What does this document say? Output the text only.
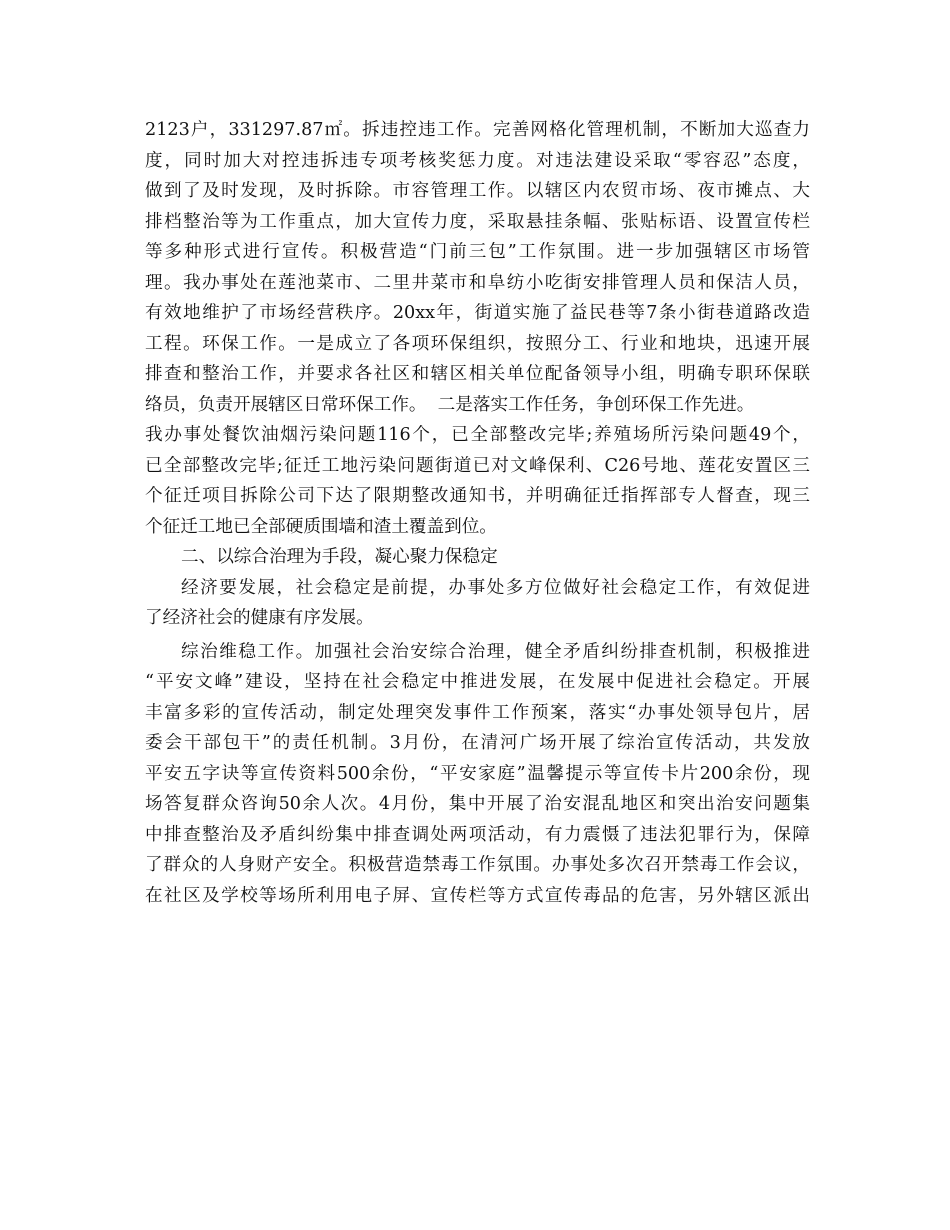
2123户，331297.87㎡。拆违控违工作。完善网格化管理机制，不断加大巡查力
度，同时加大对控违拆违专项考核奖惩力度。对违法建设采取“零容忍”态度，
做到了及时发现，及时拆除。市容管理工作。以辖区内农贸市场、夜市摊点、大
排档整治等为工作重点，加大宣传力度，采取悬挂条幅、张贴标语、设置宣传栏
等多种形式进行宣传。积极营造“门前三包”工作氛围。进一步加强辖区市场管
理。我办事处在莲池菜市、二里井菜市和阜纺小吃街安排管理人员和保洁人员，
有效地维护了市场经营秩序。20xx年，街道实施了益民巷等7条小街巷道路改造
工程。环保工作。一是成立了各项环保组织，按照分工、行业和地块，迅速开展
排查和整治工作，并要求各社区和辖区相关单位配备领导小组，明确专职环保联
络员，负责开展辖区日常环保工作。  二是落实工作任务，争创环保工作先进。
我办事处餐饮油烟污染问题116个，已全部整改完毕;养殖场所污染问题49个，
已全部整改完毕;征迁工地污染问题街道已对文峰保利、C26号地、莲花安置区三
个征迁项目拆除公司下达了限期整改通知书，并明确征迁指挥部专人督查，现三
个征迁工地已全部硬质围墙和渣土覆盖到位。
二、以综合治理为手段，凝心聚力保稳定
经济要发展，社会稳定是前提，办事处多方位做好社会稳定工作，有效促进
了经济社会的健康有序发展。
综治维稳工作。加强社会治安综合治理，健全矛盾纠纷排查机制，积极推进
“平安文峰”建设，坚持在社会稳定中推进发展，在发展中促进社会稳定。开展
丰富多彩的宣传活动，制定处理突发事件工作预案，落实“办事处领导包片，居
委会干部包干”的责任机制。3月份，在清河广场开展了综治宣传活动，共发放
平安五字诀等宣传资料500余份，“平安家庭”温馨提示等宣传卡片200余份，现
场答复群众咨询50余人次。4月份，集中开展了治安混乱地区和突出治安问题集
中排查整治及矛盾纠纷集中排查调处两项活动，有力震慑了违法犯罪行为，保障
了群众的人身财产安全。积极营造禁毒工作氛围。办事处多次召开禁毒工作会议，
在社区及学校等场所利用电子屏、宣传栏等方式宣传毒品的危害，另外辖区派出
